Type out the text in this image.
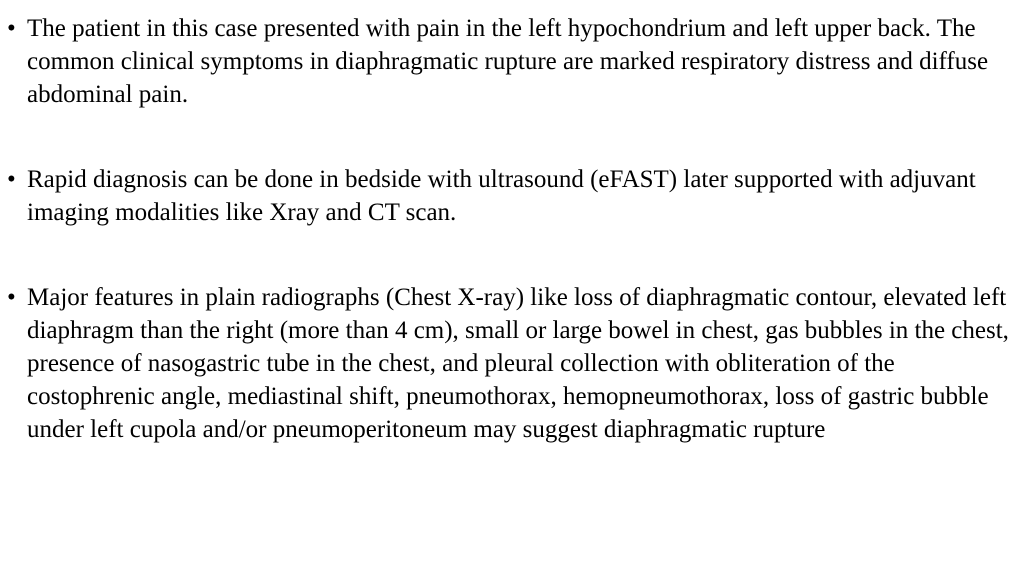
• The patient in this case presented with pain in the left hypochondrium and left upper back. The common clinical symptoms in diaphragmatic rupture are marked respiratory distress and diffuse abdominal pain.
• Rapid diagnosis can be done in bedside with ultrasound (eFAST) later supported with adjuvant imaging modalities like Xray and CT scan.
• Major features in plain radiographs (Chest X-ray) like loss of diaphragmatic contour, elevated left diaphragm than the right (more than 4 cm), small or large bowel in chest, gas bubbles in the chest, presence of nasogastric tube in the chest, and pleural collection with obliteration of the costophrenic angle, mediastinal shift, pneumothorax, hemopneumothorax, loss of gastric bubble under left cupola and/or pneumoperitoneum may suggest diaphragmatic rupture
